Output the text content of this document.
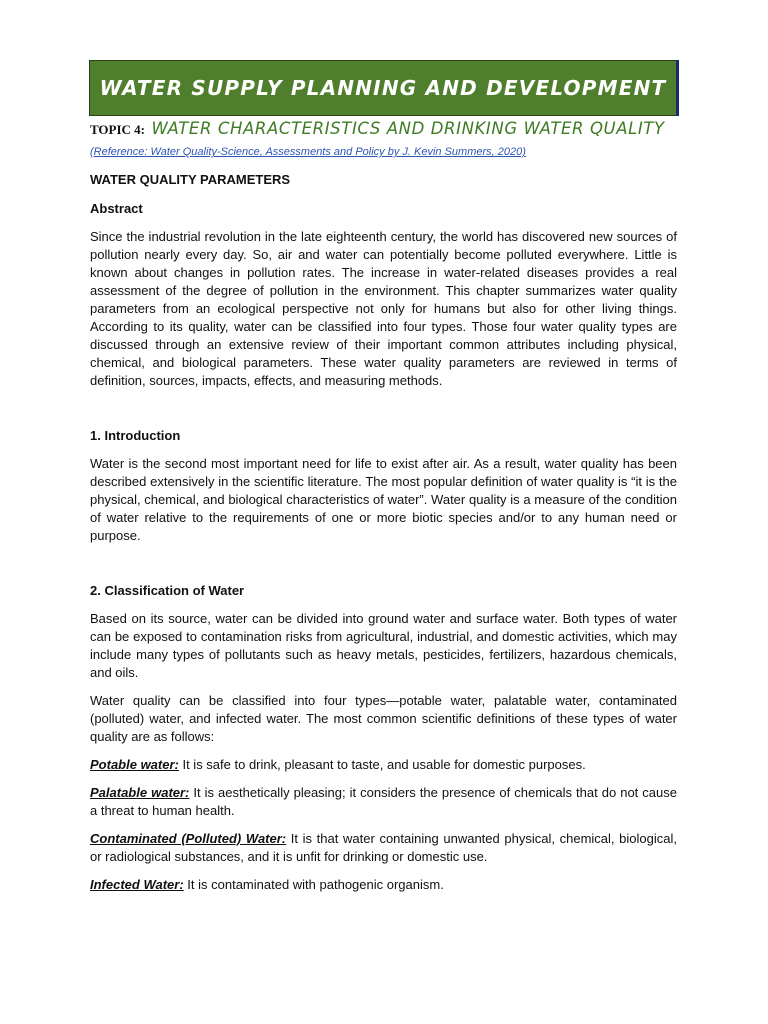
WATER SUPPLY PLANNING AND DEVELOPMENT
TOPIC 4: WATER CHARACTERISTICS AND DRINKING WATER QUALITY
(Reference: Water Quality-Science, Assessments and Policy by J. Kevin Summers, 2020)

WATER QUALITY PARAMETERS

Abstract

Since the industrial revolution in the late eighteenth century, the world has discovered new sources of pollution nearly every day. So, air and water can potentially become polluted everywhere. Little is known about changes in pollution rates. The increase in water-related diseases provides a real assessment of the degree of pollution in the environment. This chapter summarizes water quality parameters from an ecological perspective not only for humans but also for other living things. According to its quality, water can be classified into four types. Those four water quality types are discussed through an extensive review of their important common attributes including physical, chemical, and biological parameters. These water quality parameters are reviewed in terms of definition, sources, impacts, effects, and measuring methods.

1. Introduction

Water is the second most important need for life to exist after air. As a result, water quality has been described extensively in the scientific literature. The most popular definition of water quality is “it is the physical, chemical, and biological characteristics of water”. Water quality is a measure of the condition of water relative to the requirements of one or more biotic species and/or to any human need or purpose.

2. Classification of Water

Based on its source, water can be divided into ground water and surface water. Both types of water can be exposed to contamination risks from agricultural, industrial, and domestic activities, which may include many types of pollutants such as heavy metals, pesticides, fertilizers, hazardous chemicals, and oils.

Water quality can be classified into four types—potable water, palatable water, contaminated (polluted) water, and infected water. The most common scientific definitions of these types of water quality are as follows:

Potable water: It is safe to drink, pleasant to taste, and usable for domestic purposes.

Palatable water: It is aesthetically pleasing; it considers the presence of chemicals that do not cause a threat to human health.

Contaminated (Polluted) Water: It is that water containing unwanted physical, chemical, biological, or radiological substances, and it is unfit for drinking or domestic use.

Infected Water: It is contaminated with pathogenic organism.
